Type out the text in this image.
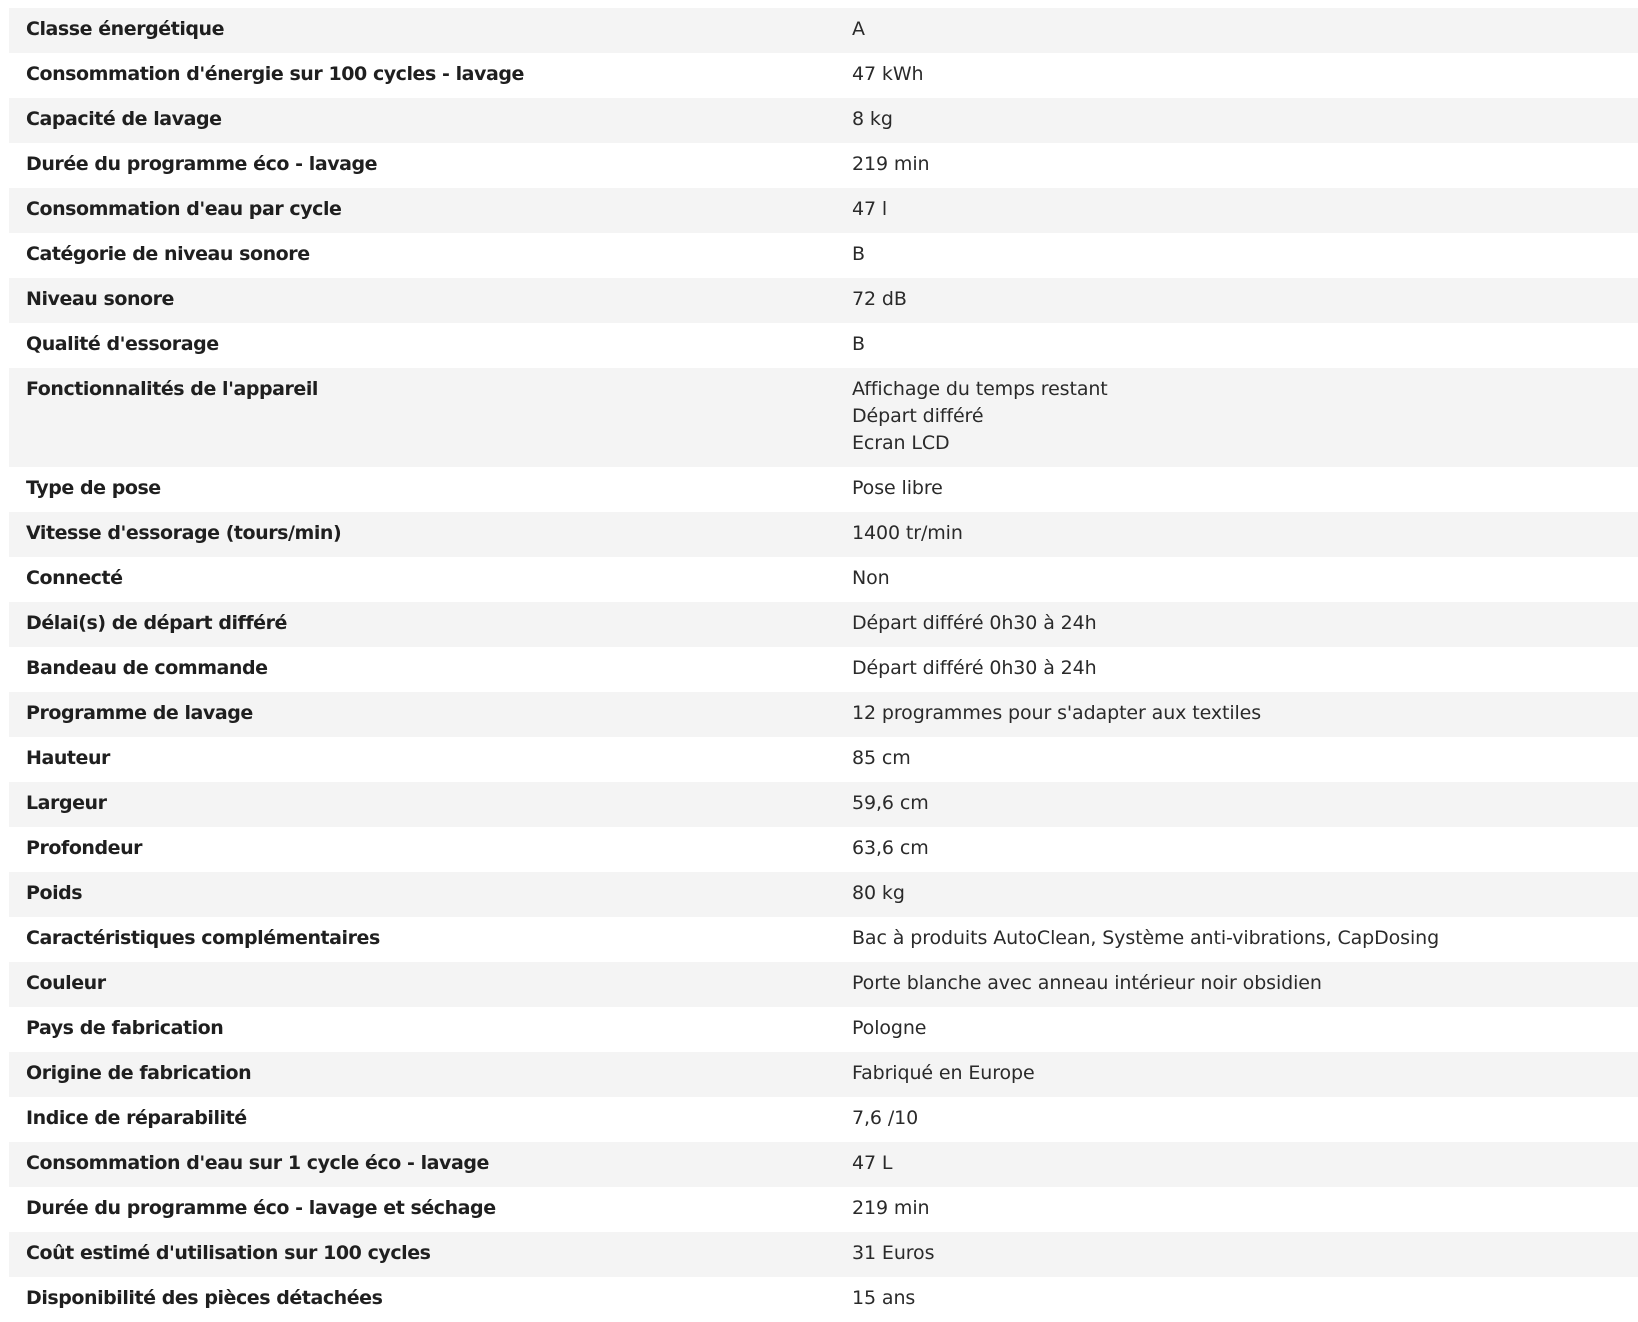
Classe énergétique	A
Consommation d'énergie sur 100 cycles - lavage	47 kWh
Capacité de lavage	8 kg
Durée du programme éco - lavage	219 min
Consommation d'eau par cycle	47 l
Catégorie de niveau sonore	B
Niveau sonore	72 dB
Qualité d'essorage	B
Fonctionnalités de l'appareil	Affichage du temps restant
Départ différé
Ecran LCD
Type de pose	Pose libre
Vitesse d'essorage (tours/min)	1400 tr/min
Connecté	Non
Délai(s) de départ différé	Départ différé 0h30 à 24h
Bandeau de commande	Départ différé 0h30 à 24h
Programme de lavage	12 programmes pour s'adapter aux textiles
Hauteur	85 cm
Largeur	59,6 cm
Profondeur	63,6 cm
Poids	80 kg
Caractéristiques complémentaires	Bac à produits AutoClean, Système anti-vibrations, CapDosing
Couleur	Porte blanche avec anneau intérieur noir obsidien
Pays de fabrication	Pologne
Origine de fabrication	Fabriqué en Europe
Indice de réparabilité	7,6 /10
Consommation d'eau sur 1 cycle éco - lavage	47 L
Durée du programme éco - lavage et séchage	219 min
Coût estimé d'utilisation sur 100 cycles	31 Euros
Disponibilité des pièces détachées	15 ans
